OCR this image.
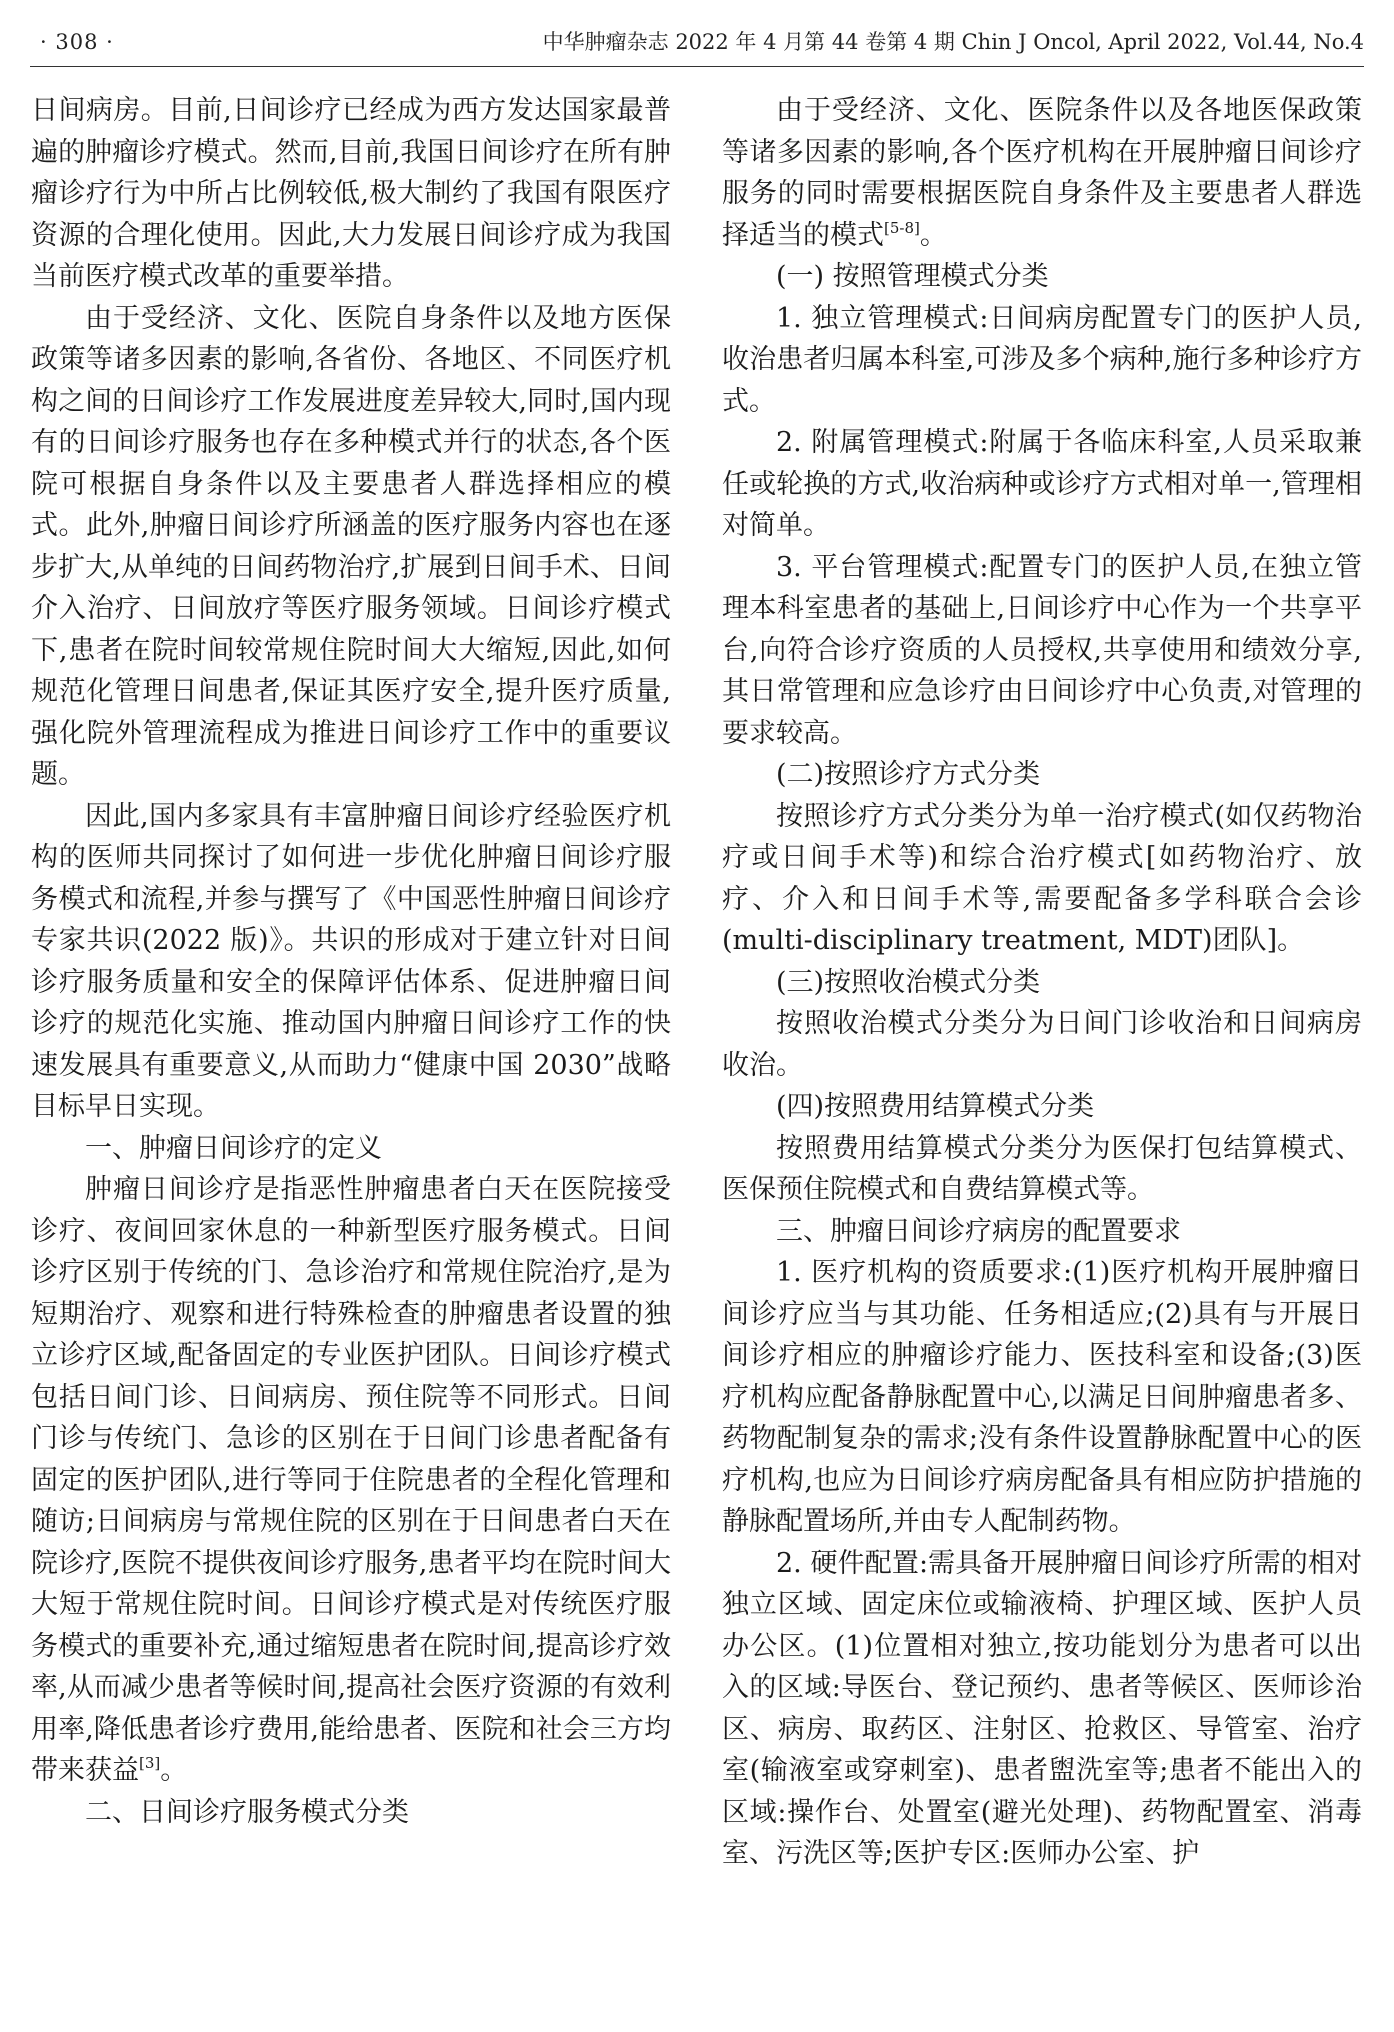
· 308 ·	中华肿瘤杂志 2022 年 4 月第 44 卷第 4 期 Chin J Oncol, April 2022, Vol.44, No.4

日间病房。目前,日间诊疗已经成为西方发达国家最普遍的肿瘤诊疗模式。然而,目前,我国日间诊疗在所有肿瘤诊疗行为中所占比例较低,极大制约了我国有限医疗资源的合理化使用。因此,大力发展日间诊疗成为我国当前医疗模式改革的重要举措。

由于受经济、文化、医院自身条件以及地方医保政策等诸多因素的影响,各省份、各地区、不同医疗机构之间的日间诊疗工作发展进度差异较大,同时,国内现有的日间诊疗服务也存在多种模式并行的状态,各个医院可根据自身条件以及主要患者人群选择相应的模式。此外,肿瘤日间诊疗所涵盖的医疗服务内容也在逐步扩大,从单纯的日间药物治疗,扩展到日间手术、日间介入治疗、日间放疗等医疗服务领域。日间诊疗模式下,患者在院时间较常规住院时间大大缩短,因此,如何规范化管理日间患者,保证其医疗安全,提升医疗质量,强化院外管理流程成为推进日间诊疗工作中的重要议题。

因此,国内多家具有丰富肿瘤日间诊疗经验医疗机构的医师共同探讨了如何进一步优化肿瘤日间诊疗服务模式和流程,并参与撰写了《中国恶性肿瘤日间诊疗专家共识(2022 版)》。共识的形成对于建立针对日间诊疗服务质量和安全的保障评估体系、促进肿瘤日间诊疗的规范化实施、推动国内肿瘤日间诊疗工作的快速发展具有重要意义,从而助力“健康中国 2030”战略目标早日实现。

一、肿瘤日间诊疗的定义

肿瘤日间诊疗是指恶性肿瘤患者白天在医院接受诊疗、夜间回家休息的一种新型医疗服务模式。日间诊疗区别于传统的门、急诊治疗和常规住院治疗,是为短期治疗、观察和进行特殊检查的肿瘤患者设置的独立诊疗区域,配备固定的专业医护团队。日间诊疗模式包括日间门诊、日间病房、预住院等不同形式。日间门诊与传统门、急诊的区别在于日间门诊患者配备有固定的医护团队,进行等同于住院患者的全程化管理和随访;日间病房与常规住院的区别在于日间患者白天在院诊疗,医院不提供夜间诊疗服务,患者平均在院时间大大短于常规住院时间。日间诊疗模式是对传统医疗服务模式的重要补充,通过缩短患者在院时间,提高诊疗效率,从而减少患者等候时间,提高社会医疗资源的有效利用率,降低患者诊疗费用,能给患者、医院和社会三方均带来获益[3]。

二、日间诊疗服务模式分类

由于受经济、文化、医院条件以及各地医保政策等诸多因素的影响,各个医疗机构在开展肿瘤日间诊疗服务的同时需要根据医院自身条件及主要患者人群选择适当的模式[5-8]。

(一) 按照管理模式分类

1. 独立管理模式:日间病房配置专门的医护人员,收治患者归属本科室,可涉及多个病种,施行多种诊疗方式。

2. 附属管理模式:附属于各临床科室,人员采取兼任或轮换的方式,收治病种或诊疗方式相对单一,管理相对简单。

3. 平台管理模式:配置专门的医护人员,在独立管理本科室患者的基础上,日间诊疗中心作为一个共享平台,向符合诊疗资质的人员授权,共享使用和绩效分享,其日常管理和应急诊疗由日间诊疗中心负责,对管理的要求较高。

(二)按照诊疗方式分类

按照诊疗方式分类分为单一治疗模式(如仅药物治疗或日间手术等)和综合治疗模式[如药物治疗、放疗、介入和日间手术等,需要配备多学科联合会诊(multi-disciplinary treatment, MDT)团队]。

(三)按照收治模式分类

按照收治模式分类分为日间门诊收治和日间病房收治。

(四)按照费用结算模式分类

按照费用结算模式分类分为医保打包结算模式、医保预住院模式和自费结算模式等。

三、肿瘤日间诊疗病房的配置要求

1. 医疗机构的资质要求:(1)医疗机构开展肿瘤日间诊疗应当与其功能、任务相适应;(2)具有与开展日间诊疗相应的肿瘤诊疗能力、医技科室和设备;(3)医疗机构应配备静脉配置中心,以满足日间肿瘤患者多、药物配制复杂的需求;没有条件设置静脉配置中心的医疗机构,也应为日间诊疗病房配备具有相应防护措施的静脉配置场所,并由专人配制药物。

2. 硬件配置:需具备开展肿瘤日间诊疗所需的相对独立区域、固定床位或输液椅、护理区域、医护人员办公区。(1)位置相对独立,按功能划分为患者可以出入的区域:导医台、登记预约、患者等候区、医师诊治区、病房、取药区、注射区、抢救区、导管室、治疗室(输液室或穿刺室)、患者盥洗室等;患者不能出入的区域:操作台、处置室(避光处理)、药物配置室、消毒室、污洗区等;医护专区:医师办公室、护
